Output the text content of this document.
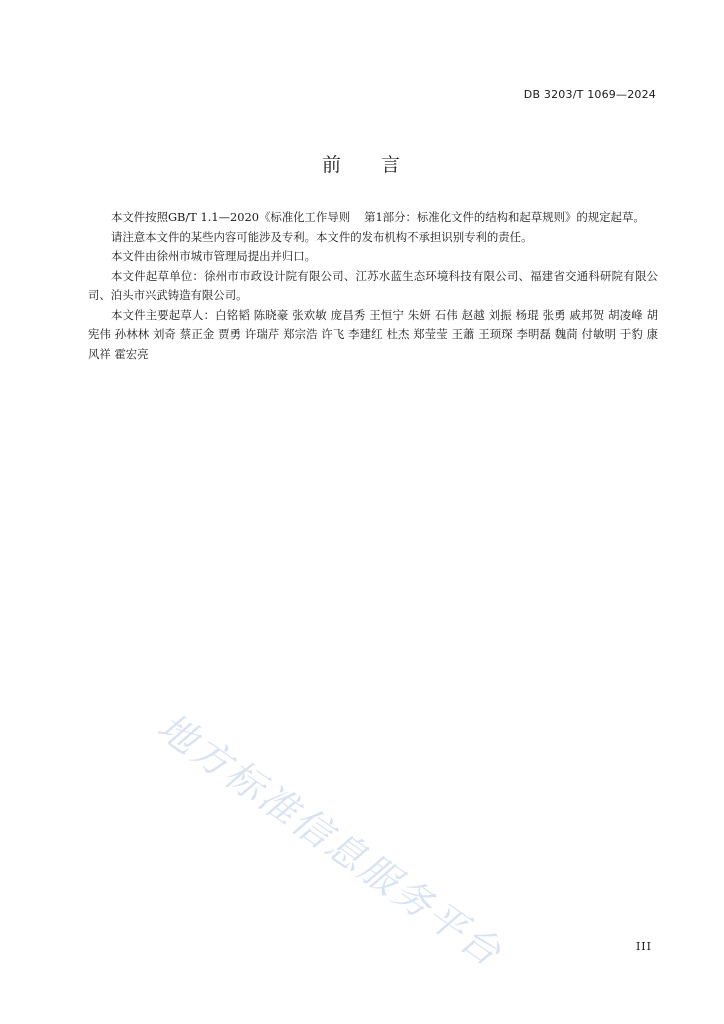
DB 3203/T 1069—2024
前 言

本文件按照GB/T 1.1—2020《标准化工作导则 第1部分：标准化文件的结构和起草规则》的规定起草。

请注意本文件的某些内容可能涉及专利。本文件的发布机构不承担识别专利的责任。

本文件由徐州市城市管理局提出并归口。

本文件起草单位：徐州市市政设计院有限公司、江苏水蓝生态环境科技有限公司、福建省交通科研院有限公司、泊头市兴武铸造有限公司。

本文件主要起草人：白铭韬 陈晓豪 张欢敏 庞昌秀 王恒宁 朱妍 石伟 赵越 刘振 杨琨 张勇 戚邦贺 胡凌峰 胡宪伟 孙林林 刘奇 蔡正金 贾勇 许瑞芹 郑宗浩 许飞 李建红 杜杰 郑莹莹 王蕭 王顼琛 李明磊 魏茼 付敏明 于豹 康风祥 霍宏亮

地方标准信息服务平台	III
